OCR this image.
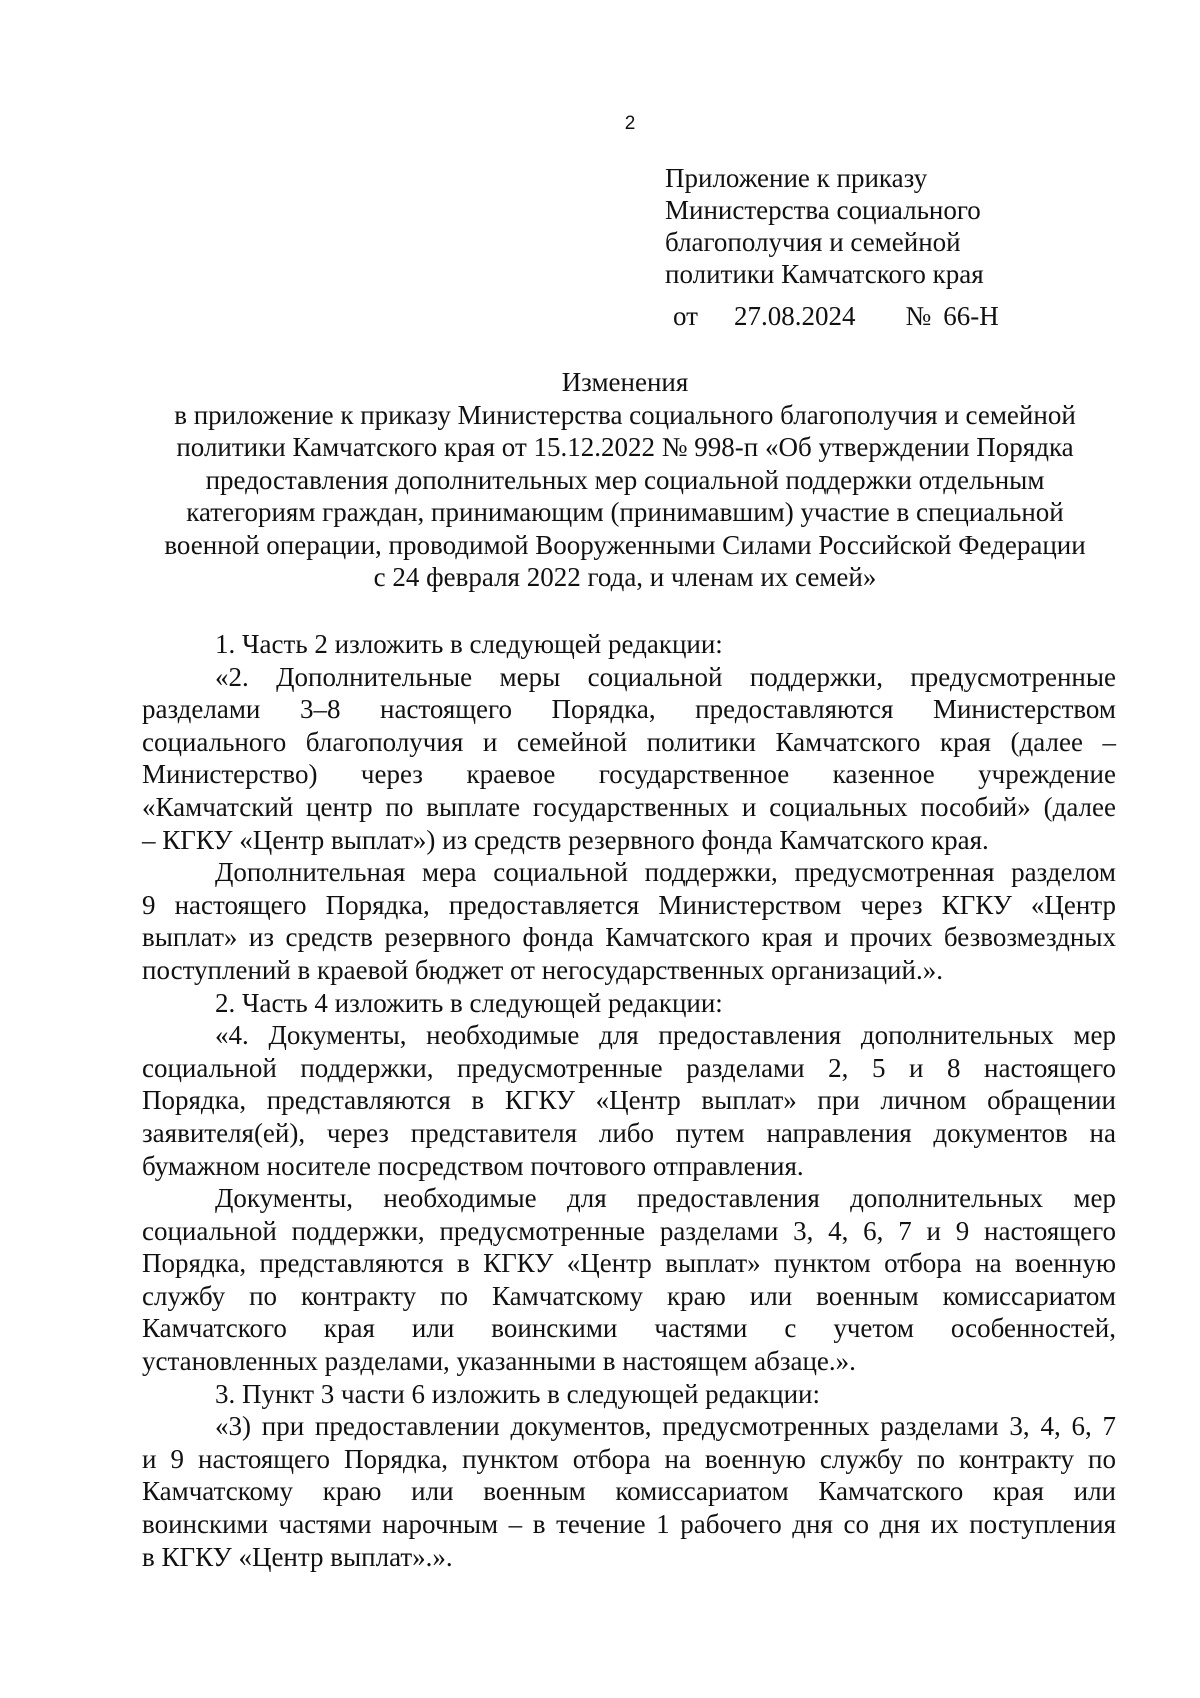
2
Приложение к приказу
Министерства социального
благополучия и семейной
политики Камчатского края
от 27.08.2024 № 66-Н
Изменения
в приложение к приказу Министерства социального благополучия и семейной
политики Камчатского края от 15.12.2022 № 998-п «Об утверждении Порядка
предоставления дополнительных мер социальной поддержки отдельным
категориям граждан, принимающим (принимавшим) участие в специальной
военной операции, проводимой Вооруженными Силами Российской Федерации
с 24 февраля 2022 года, и членам их семей»
1. Часть 2 изложить в следующей редакции:
«2. Дополнительные меры социальной поддержки, предусмотренные
разделами 3–8 настоящего Порядка, предоставляются Министерством
социального благополучия и семейной политики Камчатского края (далее –
Министерство) через краевое государственное казенное учреждение
«Камчатский центр по выплате государственных и социальных пособий» (далее
– КГКУ «Центр выплат») из средств резервного фонда Камчатского края.
Дополнительная мера социальной поддержки, предусмотренная разделом
9 настоящего Порядка, предоставляется Министерством через КГКУ «Центр
выплат» из средств резервного фонда Камчатского края и прочих безвозмездных
поступлений в краевой бюджет от негосударственных организаций.».
2. Часть 4 изложить в следующей редакции:
«4. Документы, необходимые для предоставления дополнительных мер
социальной поддержки, предусмотренные разделами 2, 5 и 8 настоящего
Порядка, представляются в КГКУ «Центр выплат» при личном обращении
заявителя(ей), через представителя либо путем направления документов на
бумажном носителе посредством почтового отправления.
Документы, необходимые для предоставления дополнительных мер
социальной поддержки, предусмотренные разделами 3, 4, 6, 7 и 9 настоящего
Порядка, представляются в КГКУ «Центр выплат» пунктом отбора на военную
службу по контракту по Камчатскому краю или военным комиссариатом
Камчатского края или воинскими частями с учетом особенностей,
установленных разделами, указанными в настоящем абзаце.».
3. Пункт 3 части 6 изложить в следующей редакции:
«3) при предоставлении документов, предусмотренных разделами 3, 4, 6, 7
и 9 настоящего Порядка, пунктом отбора на военную службу по контракту по
Камчатскому краю или военным комиссариатом Камчатского края или
воинскими частями нарочным – в течение 1 рабочего дня со дня их поступления
в КГКУ «Центр выплат».».
